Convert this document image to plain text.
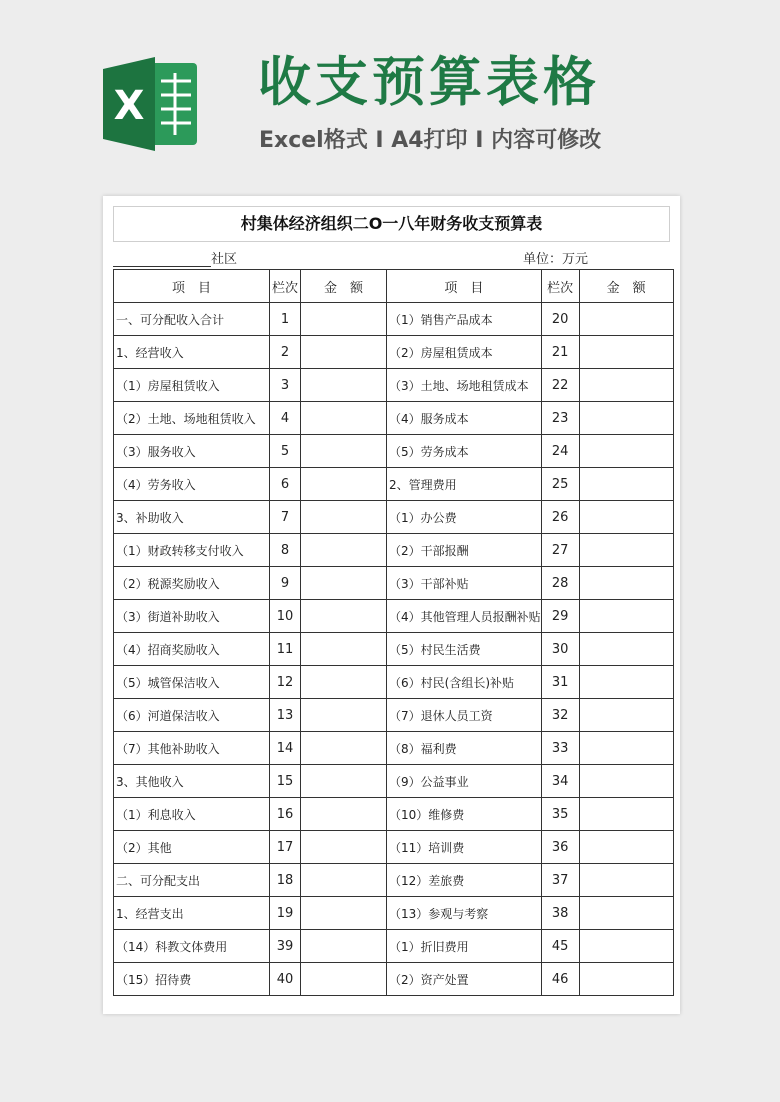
X 收支预算表格
Excel格式 I A4打印 I 内容可修改
村集体经济组织二O一八年财务收支预算表
社区	单位：万元
项　目	栏次	金　额	项　目	栏次	金　额
一、可分配收入合计	1		（1）销售产品成本	20	
1、经营收入	2		（2）房屋租赁成本	21	
（1）房屋租赁收入	3		（3）土地、场地租赁成本	22	
（2）土地、场地租赁收入	4		（4）服务成本	23	
（3）服务收入	5		（5）劳务成本	24	
（4）劳务收入	6		2、管理费用	25	
3、补助收入	7		（1）办公费	26	
（1）财政转移支付收入	8		（2）干部报酬	27	
（2）税源奖励收入	9		（3）干部补贴	28	
（3）街道补助收入	10		（4）其他管理人员报酬补贴	29	
（4）招商奖励收入	11		（5）村民生活费	30	
（5）城管保洁收入	12		（6）村民(含组长)补贴	31	
（6）河道保洁收入	13		（7）退休人员工资	32	
（7）其他补助收入	14		（8）福利费	33	
3、其他收入	15		（9）公益事业	34	
（1）利息收入	16		（10）维修费	35	
（2）其他	17		（11）培训费	36	
二、可分配支出	18		（12）差旅费	37	
1、经营支出	19		（13）参观与考察	38	
（14）科教文体费用	39		（1）折旧费用	45	
（15）招待费	40		（2）资产处置	46	
